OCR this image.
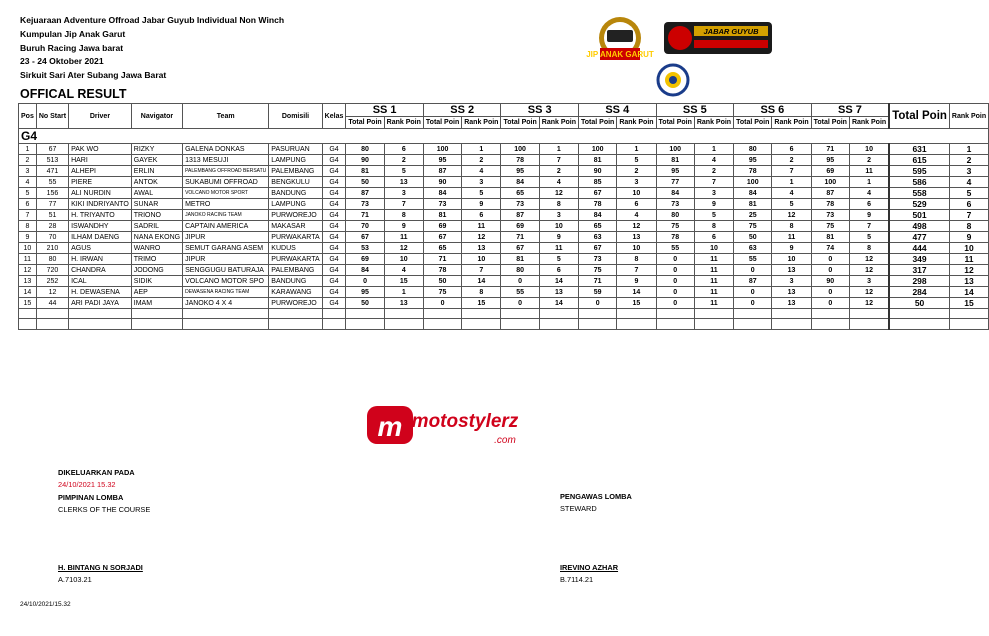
Kejuaraan Adventure Offroad Jabar Guyub Individual Non Winch
Kumpulan Jip Anak Garut
Buruh Racing Jawa barat
23 - 24 Oktober 2021
Sirkuit Sari Ater Subang Jawa Barat
JIP ANAK GARUT
JABAR GUYUB
OFFICAL RESULT
Pos	No Start	Driver	Navigator	Team	Domisili	Kelas	SS 1		SS 2		SS 3		SS 4		SS 5		SS 6		SS 7		Total Poin	Rank Poin
							Total Poin	Rank Poin	Total Poin	Rank Poin	Total Poin	Rank Poin	Total Poin	Rank Poin	Total Poin	Rank Poin	Total Poin	Rank Poin	Total Poin	Rank Poin		
G4																						
1	67	PAK WO	RIZKY	GALENA DONKAS	PASURUAN	G4	80	6	100	1	100	1	100	1	100	1	80	6	71	10	631	1
2	513	HARI	GAYEK	1313 MESUJI	LAMPUNG	G4	90	2	95	2	78	7	81	5	81	4	95	2	95	2	615	2
3	471	ALHEPI	ERLIN	PALEMBANG OFFROAD BERSATU	PALEMBANG	G4	81	5	87	4	95	2	90	2	95	2	78	7	69	11	595	3
4	55	PIERE	ANTOK	SUKABUMI OFFROAD	BENGKULU	G4	50	13	90	3	84	4	85	3	77	7	100	1	100	1	586	4
5	156	ALI NURDIN	AWAL	VOLCANO MOTOR SPORT	BANDUNG	G4	87	3	84	5	65	12	67	10	84	3	84	4	87	4	558	5
6	77	KIKI INDRIYANTO	SUNAR	METRO	LAMPUNG	G4	73	7	73	9	73	8	78	6	73	9	81	5	78	6	529	6
7	51	H. TRIYANTO	TRIONO	JANOKO RACING TEAM	PURWOREJO	G4	71	8	81	6	87	3	84	4	80	5	25	12	73	9	501	7
8	28	ISWANDHY	SADRIL	CAPTAIN AMERICA	MAKASAR	G4	70	9	69	11	69	10	65	12	75	8	75	8	75	7	498	8
9	70	ILHAM DAENG	NANA EKONG	JIPUR	PURWAKARTA	G4	67	11	67	12	71	9	63	13	78	6	50	11	81	5	477	9
10	210	AGUS	WANRO	SEMUT GARANG ASEM	KUDUS	G4	53	12	65	13	67	11	67	10	55	10	63	9	74	8	444	10
11	80	H. IRWAN	TRIMO	JIPUR	PURWAKARTA	G4	69	10	71	10	81	5	73	8	0	11	55	10	0	12	349	11
12	720	CHANDRA	JODONG	SENGGUGU BATURAJA	PALEMBANG	G4	84	4	78	7	80	6	75	7	0	11	0	13	0	12	317	12
13	252	ICAL	SIDIK	VOLCANO MOTOR SPO	BANDUNG	G4	0	15	50	14	0	14	71	9	0	11	87	3	90	3	298	13
14	12	H. DEWASENA	AEP	DEWASENA RACING TEAM	KARAWANG	G4	95	1	75	8	55	13	59	14	0	11	0	13	0	12	284	14
15	44	ARI PADI JAYA	IMAM	JANOKO 4 X 4	PURWOREJO	G4	50	13	0	15	0	14	0	15	0	11	0	13	0	12	50	15

m motostylerz
.com
DIKELUARKAN PADA
24/10/2021 15.32
PIMPINAN LOMBA
CLERKS OF THE COURSE
H. BINTANG N SORJADI
A.7103.21
PENGAWAS LOMBA
STEWARD
IREVINO AZHAR
B.7114.21
24/10/2021/15.32
